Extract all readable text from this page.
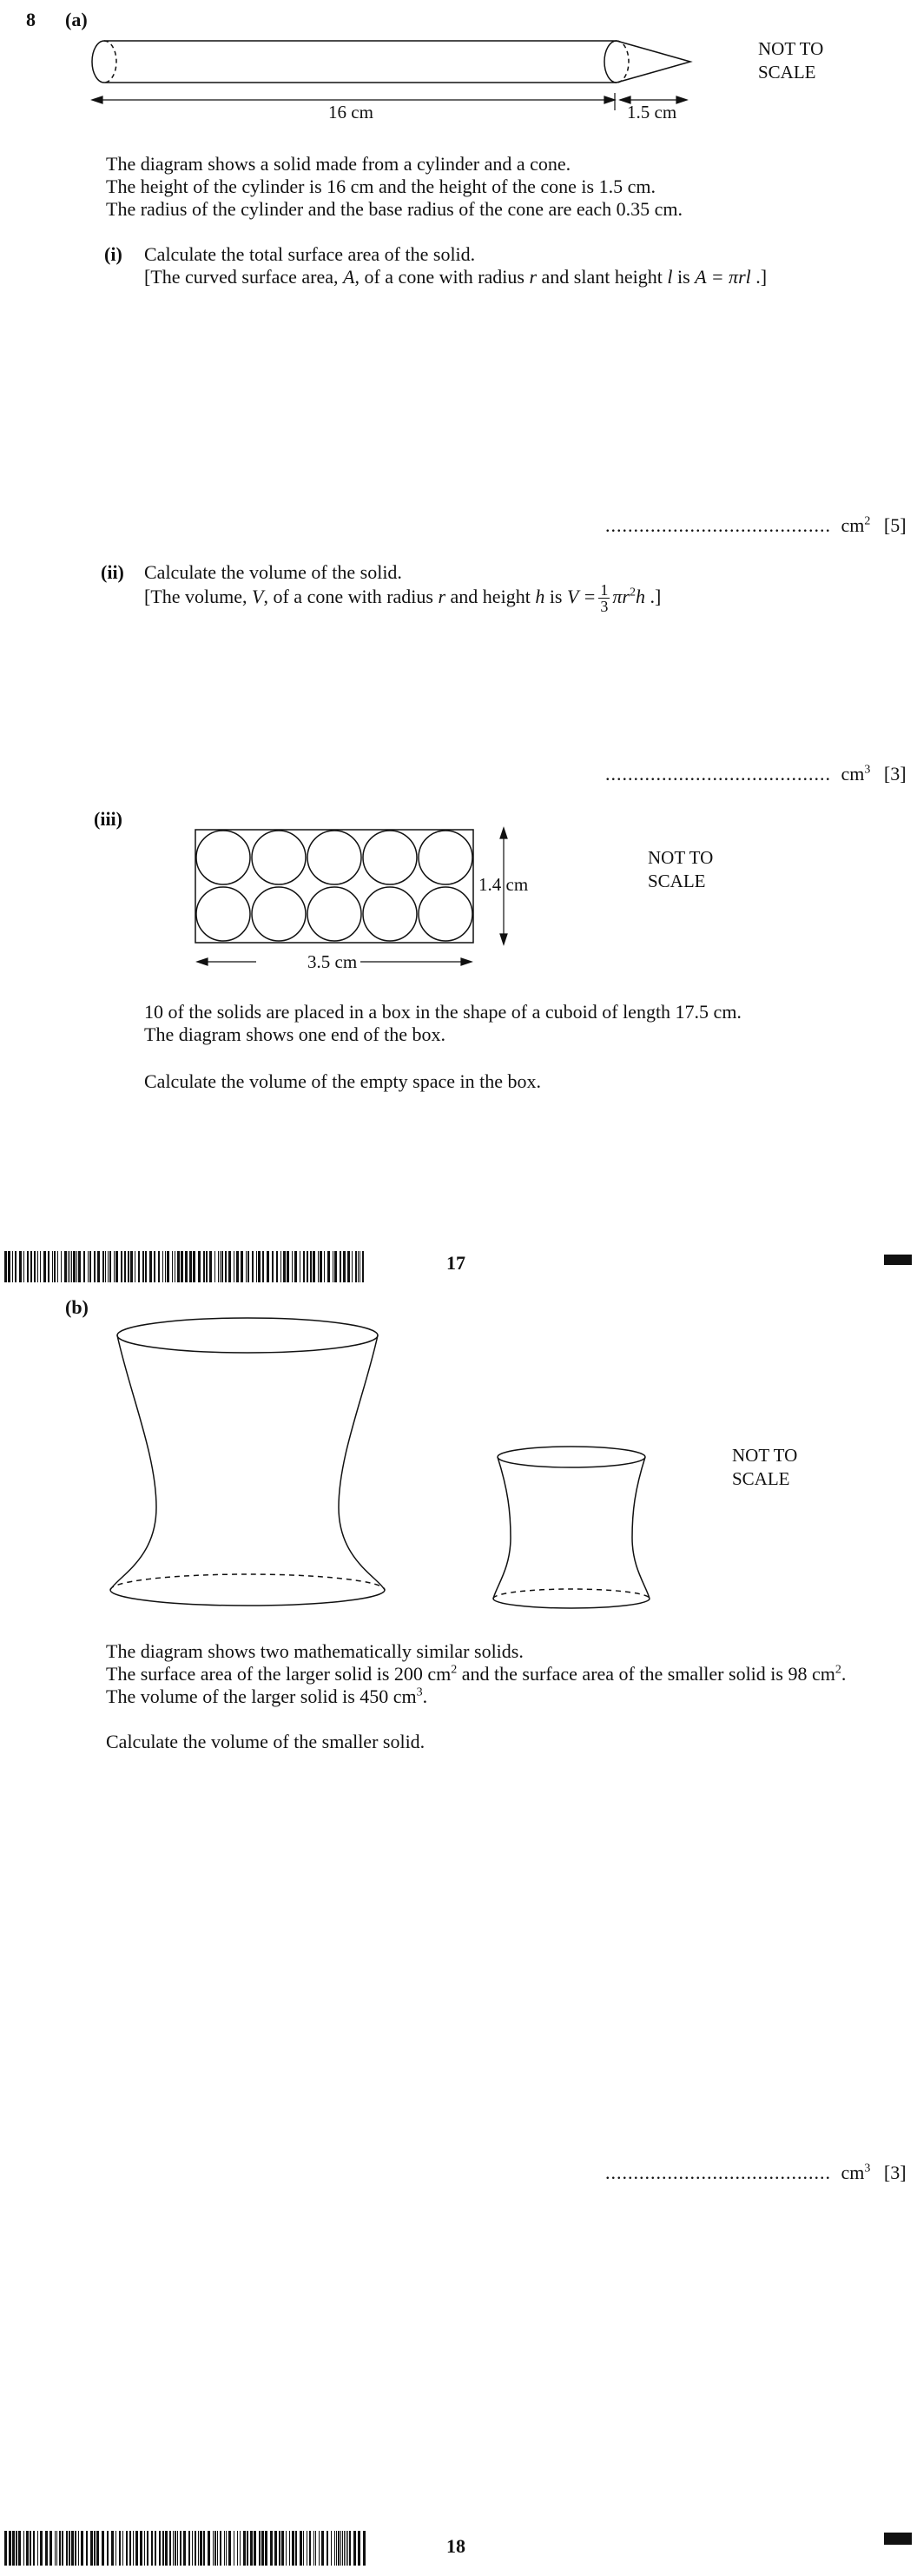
8 (a)
16 cm	1.5 cm
NOT TO
SCALE
The diagram shows a solid made from a cylinder and a cone.
The height of the cylinder is 16 cm and the height of the cone is 1.5 cm.
The radius of the cylinder and the base radius of the cone are each 0.35 cm.
(i) Calculate the total surface area of the solid.
[The curved surface area, A, of a cone with radius r and slant height l is A = πrl .]
........................................ $cm^2$ [5]
(ii) Calculate the volume of the solid.
[The volume, V, of a cone with radius r and height h is $V = \frac{1}{3} \pi r^2h$ .]
........................................ $cm^3$ [3]
(iii)
1.4 cm
3.5 cm
NOT TO
SCALE
10 of the solids are placed in a box in the shape of a cuboid of length 17.5 cm.
The diagram shows one end of the box.
Calculate the volume of the empty space in the box.
17
(b)
NOT TO
SCALE
The diagram shows two mathematically similar solids.
The surface area of the larger solid is 200 $cm^2$ and the surface area of the smaller solid is 98 $cm^2$.
The volume of the larger solid is 450 $cm^3$.
Calculate the volume of the smaller solid.
........................................ $cm^3$ [3]
18
